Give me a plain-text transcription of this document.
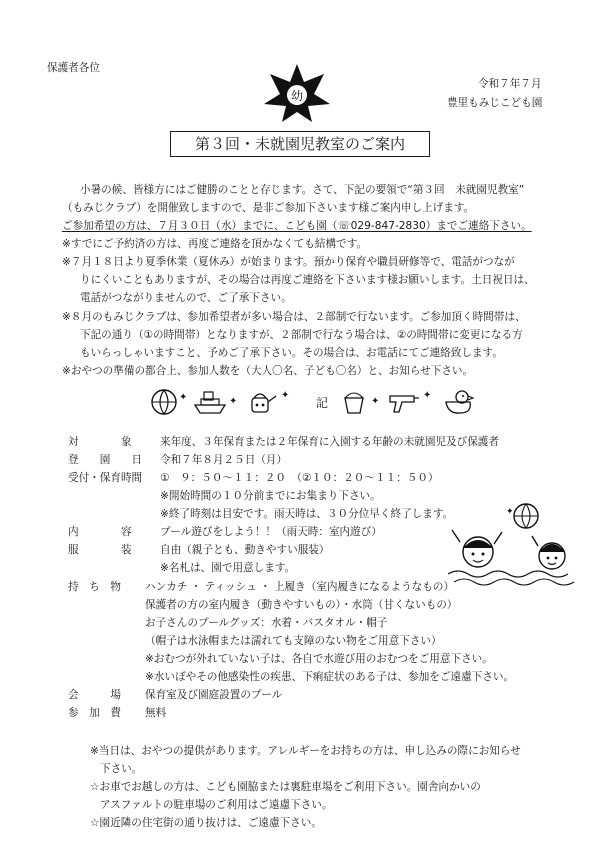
保護者各位
幼
令和７年７月
豊里もみじこども園
第３回・未就園児教室のご案内
小暑の候、皆様方にはご健勝のことと存じます。さて、下記の要領で“第３回　未就園児教室”
（もみじクラブ）を開催致しますので、是非ご参加下さいます様ご案内申し上げます。
ご参加希望の方は、７月３０日（水）までに、こども園（☏029-847-2830）までご連絡下さい。
※すでにご予約済の方は、再度ご連絡を頂かなくても結構です。
※７月１８日より夏季休業（夏休み）が始まります。預かり保育や職員研修等で、電話がつなが
りにくいこともありますが、その場合は再度ご連絡を下さいます様お願いします。土日祝日は、
電話がつながりませんので、ご了承下さい。
※８月のもみじクラブは、参加希望者が多い場合は、２部制で行ないます。ご参加頂く時間帯は、
下記の通り（①の時間帯）となりますが、２部制で行なう場合は、②の時間帯に変更になる方
もいらっしゃいますこと、予めご了承下さい。その場合は、お電話にてご連絡致します。
※おやつの準備の都合上、参加人数を（大人〇名、子ども〇名）と、お知らせ下さい。
✦	✦
✦
記	✦
✦
対　　　　象	来年度、３年保育または２年保育に入園する年齢の未就園児及び保護者
登　　園　　日 令和７年８月２５日（月）
受付・保育時間 ①　９：５０～１１：２０　（②１０：２０～１１：５０）
※開始時間の１０分前までにお集まり下さい。
※終了時刻は目安です。雨天時は、３０分位早く終了します。
内　　　　容	プール遊びをしよう！！（雨天時：室内遊び）
服　　　　装	自由（親子とも、動きやすい服装）
※名札は、園で用意します。
✦
持　ち　物 ハンカチ ・ ティッシュ ・ 上履き（室内履きになるようなもの）
保護者の方の室内履き（動きやすいもの）・水筒（甘くないもの）
お子さんのプールグッズ：水着・バスタオル・帽子
（帽子は水泳帽または濡れても支障のない物をご用意下さい）
※おむつが外れていない子は、各自で水遊び用のおむつをご用意下さい。
※水いぼやその他感染性の疾患、下痢症状のある子は、参加をご遠慮下さい。
会　　　場 保育室及び園庭設置のプール
参　加　費 無料
※当日は、おやつの提供があります。アレルギーをお持ちの方は、申し込みの際にお知らせ
下さい。
☆お車でお越しの方は、こども園脇または裏駐車場をご利用下さい。園舎向かいの
アスファルトの駐車場のご利用はご遠慮下さい。
☆園近隣の住宅街の通り抜けは、ご遠慮下さい。
